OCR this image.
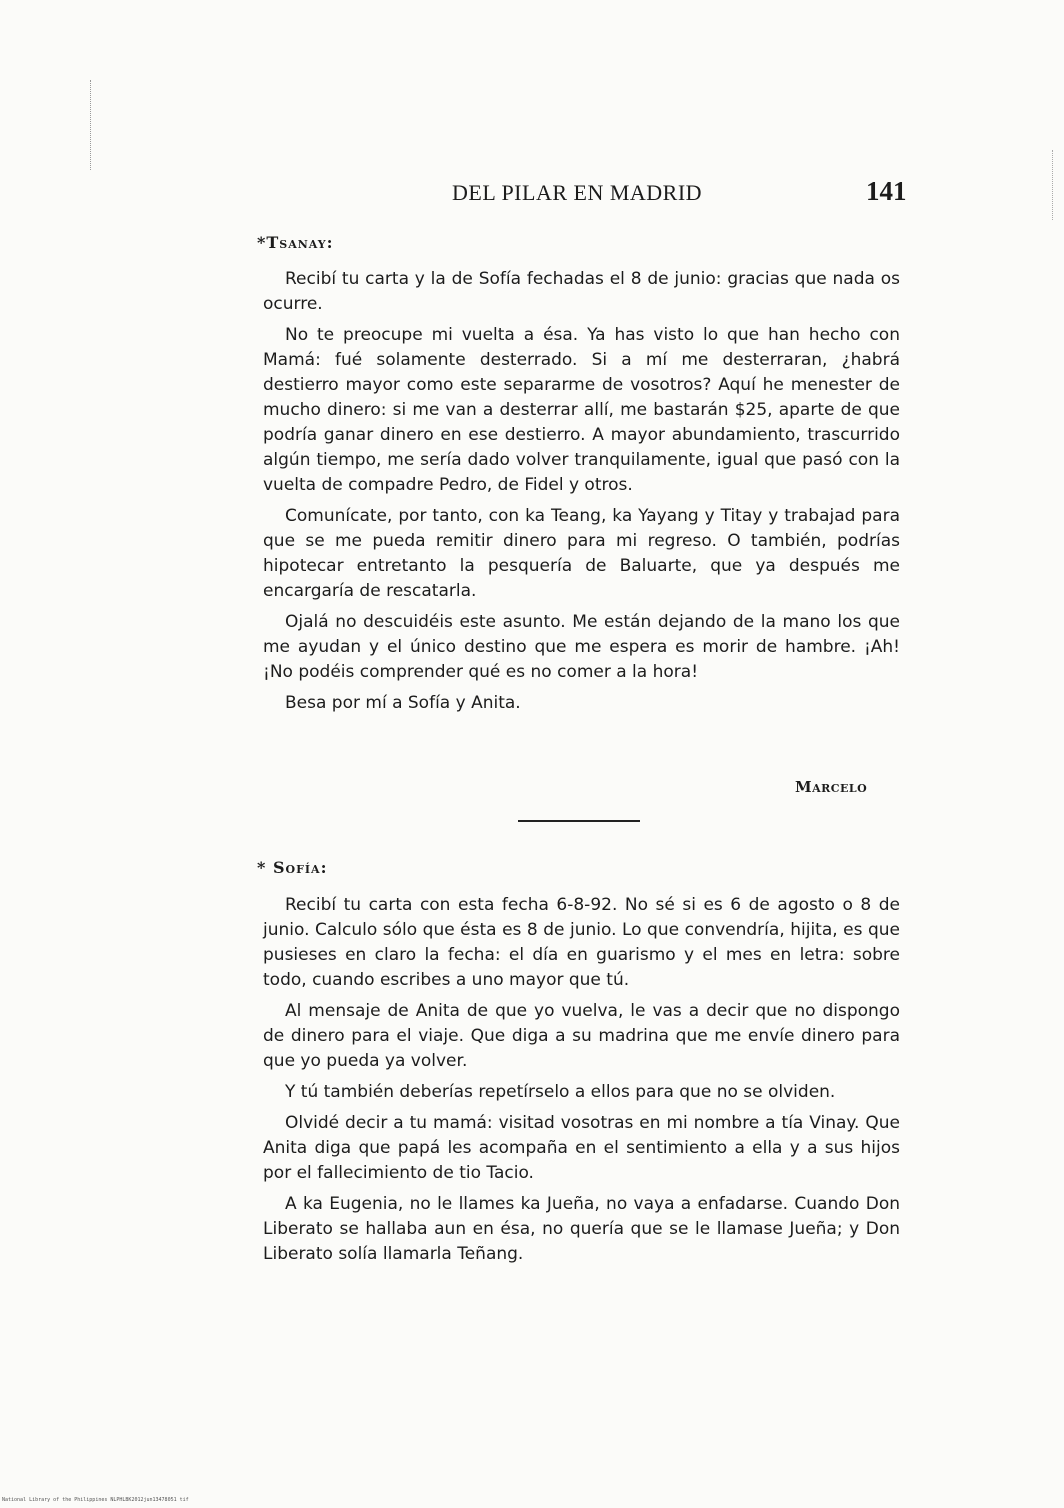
DEL PILAR EN MADRID	141
*Tsanay:

Recibí tu carta y la de Sofía fechadas el 8 de junio: gracias que nada os ocurre.

No te preocupe mi vuelta a ésa. Ya has visto lo que han hecho con Mamá: fué solamente desterrado. Si a mí me desterraran, ¿habrá destierro mayor como este separarme de vosotros? Aquí he menester de mucho dinero: si me van a desterrar allí, me bastarán $25, aparte de que podría ganar dinero en ese destierro. A mayor abundamiento, trascurrido algún tiempo, me sería dado volver tranquilamente, igual que pasó con la vuelta de compadre Pedro, de Fidel y otros.

Comunícate, por tanto, con ka Teang, ka Yayang y Titay y trabajad para que se me pueda remitir dinero para mi regreso. O también, podrías hipotecar entretanto la pesquería de Baluarte, que ya después me encargaría de rescatarla.

Ojalá no descuidéis este asunto. Me están dejando de la mano los que me ayudan y el único destino que me espera es morir de hambre. ¡Ah! ¡No podéis comprender qué es no comer a la hora!

Besa por mí a Sofía y Anita.

Marcelo
* Sofía:

Recibí tu carta con esta fecha 6-8-92. No sé si es 6 de agosto o 8 de junio. Calculo sólo que ésta es 8 de junio. Lo que convendría, hijita, es que pusieses en claro la fecha: el día en guarismo y el mes en letra: sobre todo, cuando escribes a uno mayor que tú.

Al mensaje de Anita de que yo vuelva, le vas a decir que no dispongo de dinero para el viaje. Que diga a su madrina que me envíe dinero para que yo pueda ya volver.

Y tú también deberías repetírselo a ellos para que no se olviden.

Olvidé decir a tu mamá: visitad vosotras en mi nombre a tía Vinay. Que Anita diga que papá les acompaña en el sentimiento a ella y a sus hijos por el fallecimiento de tio Tacio.

A ka Eugenia, no le llames ka Jueña, no vaya a enfadarse. Cuando Don Liberato se hallaba aun en ésa, no quería que se le llamase Jueña; y Don Liberato solía llamarla Teñang.

National Library of the Philippines NLPHLBK2012jun13478051 tif
